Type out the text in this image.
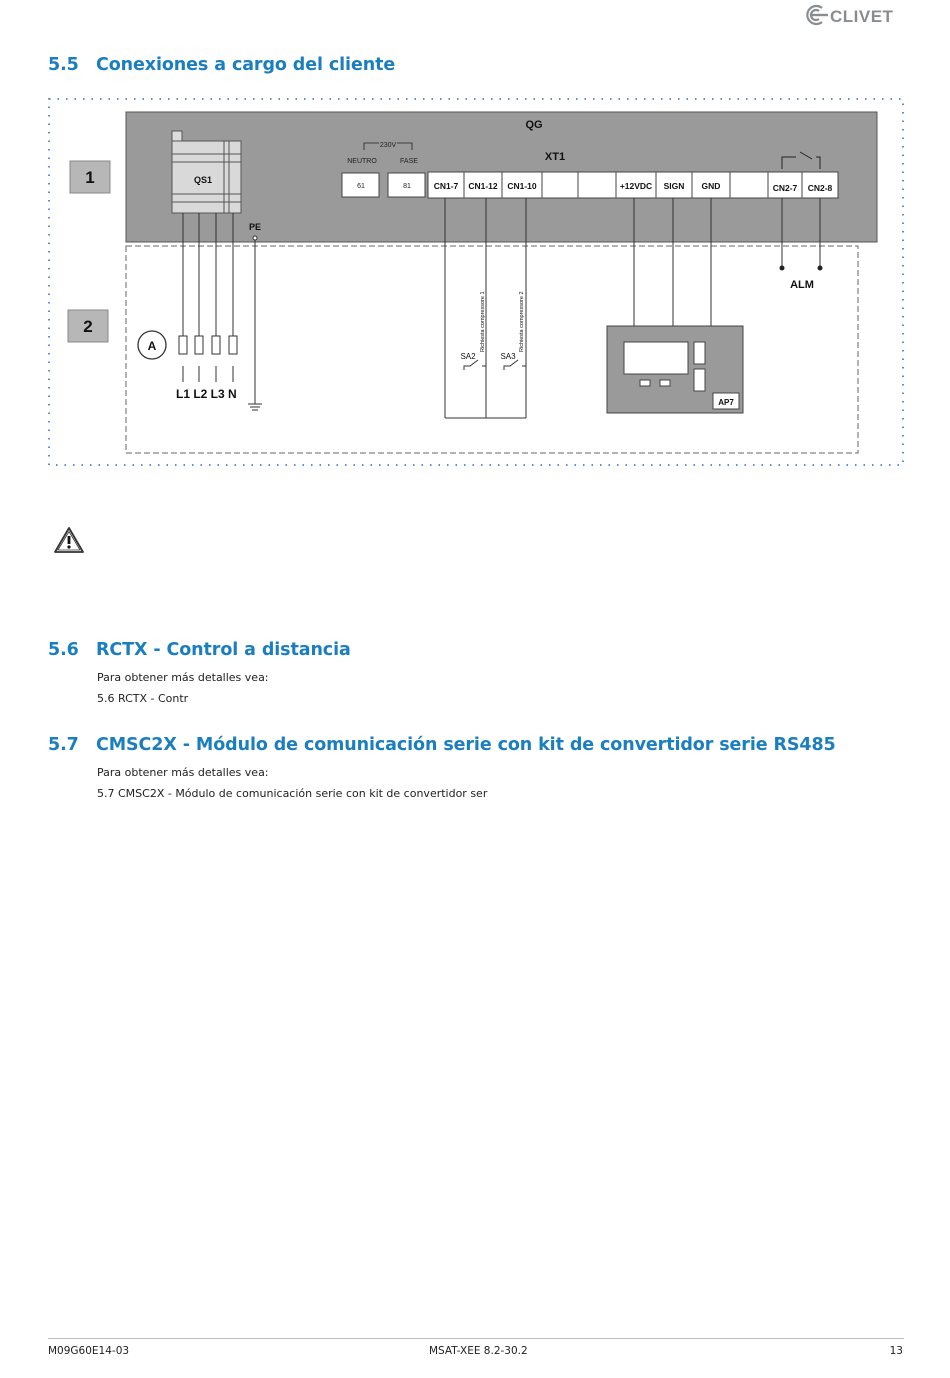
CLIVET
5.5 Conexiones a cargo del cliente
1
2
QG
XT1
QS1
PE
230V
NEUTRO	FASE
61	81	CN1-7 CN1-12 CN1-10	+12VDC SIGN GND	CN2-7 CN2-8
A
L1 L2 L3 N
SA2	SA3
Richiesta compressore 1	Richiesta compressore 2
AP7
ALM
5.6 RCTX - Control a distancia
Para obtener más detalles vea:
5.6 RCTX - Contr
5.7 CMSC2X - Módulo de comunicación serie con kit de convertidor serie RS485
Para obtener más detalles vea:
5.7 CMSC2X - Módulo de comunicación serie con kit de convertidor ser
M09G60E14-03	MSAT-XEE 8.2-30.2	13
